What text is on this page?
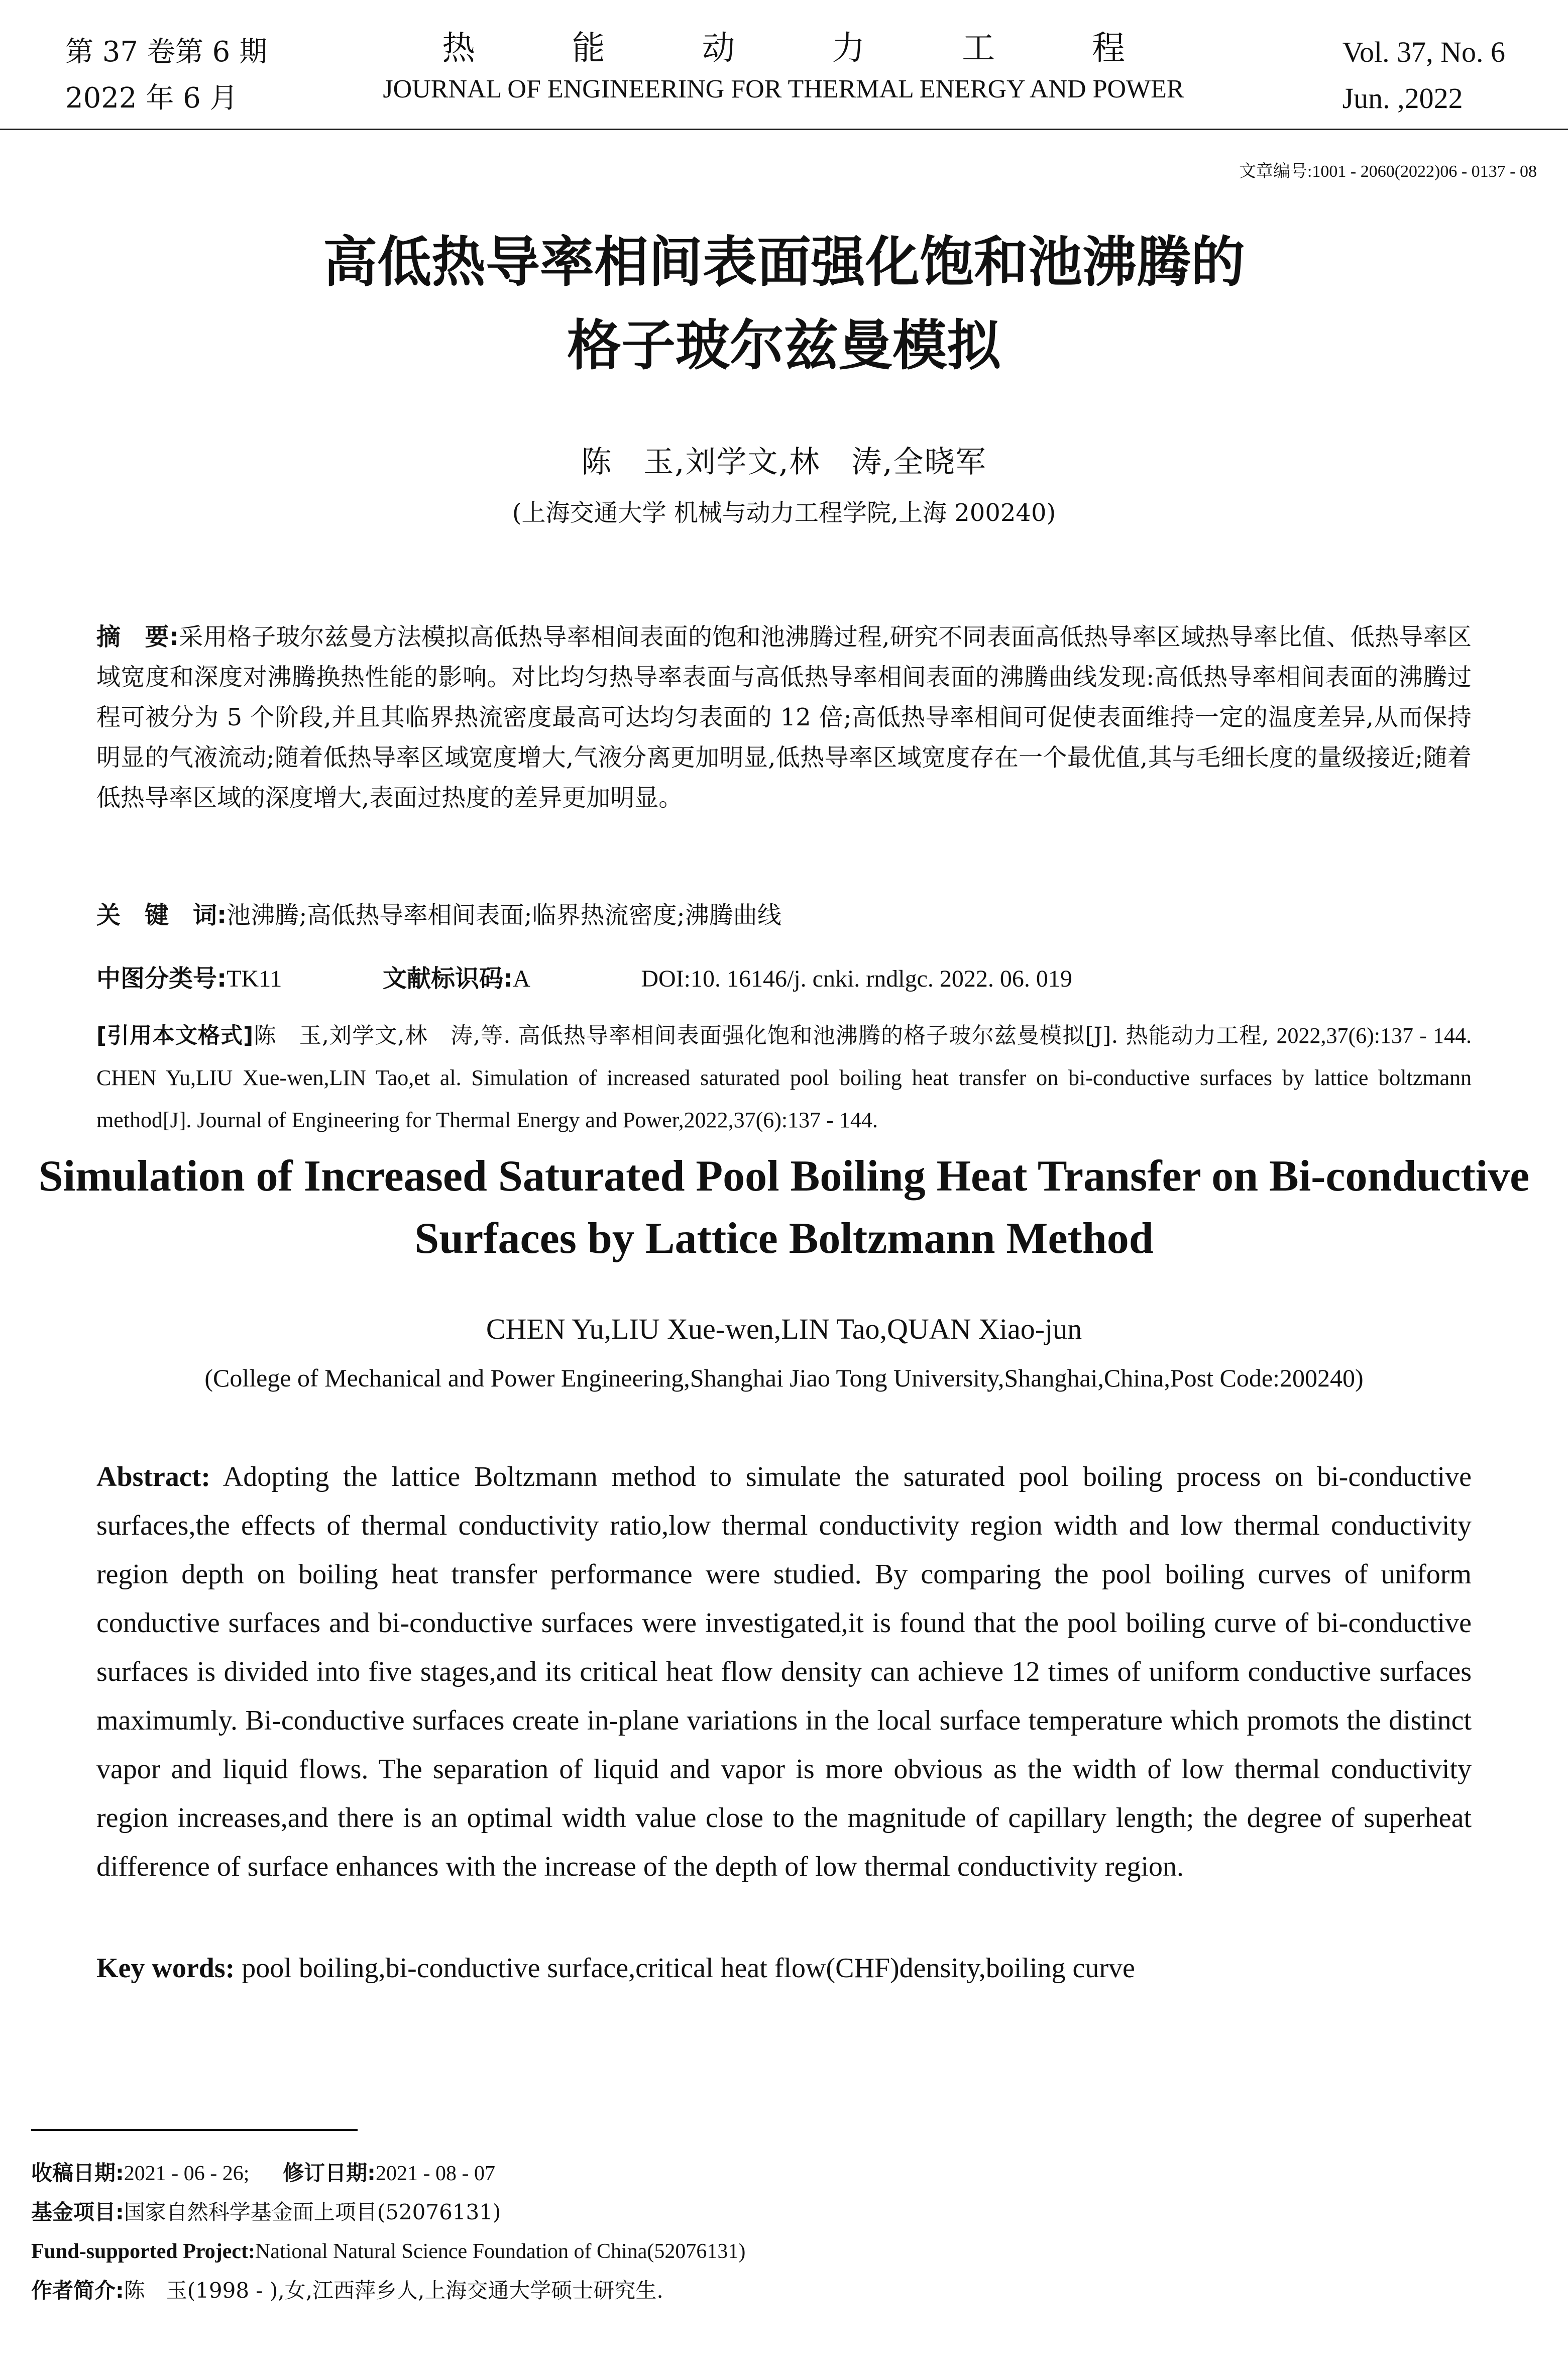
第 37 卷第 6 期
2022 年 6 月
热	能	动	力	工	程
JOURNAL OF ENGINEERING FOR THERMAL ENERGY AND POWER
Vol. 37, No. 6
Jun. ,2022
文章编号:1001 - 2060(2022)06 - 0137 - 08
高低热导率相间表面强化饱和池沸腾的
格子玻尔兹曼模拟
陈　玉,刘学文,林　涛,全晓军
(上海交通大学 机械与动力工程学院,上海 200240)
摘　要:采用格子玻尔兹曼方法模拟高低热导率相间表面的饱和池沸腾过程,研究不同表面高低热导率区域热导率比值、低热导率区域宽度和深度对沸腾换热性能的影响。对比均匀热导率表面与高低热导率相间表面的沸腾曲线发现:高低热导率相间表面的沸腾过程可被分为 5 个阶段,并且其临界热流密度最高可达均匀表面的 12 倍;高低热导率相间可促使表面维持一定的温度差异,从而保持明显的气液流动;随着低热导率区域宽度增大,气液分离更加明显,低热导率区域宽度存在一个最优值,其与毛细长度的量级接近;随着低热导率区域的深度增大,表面过热度的差异更加明显。
关　键　词:池沸腾;高低热导率相间表面;临界热流密度;沸腾曲线
中图分类号:TK11	文献标识码:A	DOI:10. 16146/j. cnki. rndlgc. 2022. 06. 019
[引用本文格式]陈　玉,刘学文,林　涛,等. 高低热导率相间表面强化饱和池沸腾的格子玻尔兹曼模拟[J]. 热能动力工程, 2022,37(6):137 - 144. CHEN Yu,LIU Xue-wen,LIN Tao,et al. Simulation of increased saturated pool boiling heat transfer on bi-conductive surfaces by lattice boltzmann method[J]. Journal of Engineering for Thermal Energy and Power,2022,37(6):137 - 144.
Simulation of Increased Saturated Pool Boiling Heat Transfer on Bi-conductive
Surfaces by Lattice Boltzmann Method
CHEN Yu,LIU Xue-wen,LIN Tao,QUAN Xiao-jun
(College of Mechanical and Power Engineering,Shanghai Jiao Tong University,Shanghai,China,Post Code:200240)
Abstract: Adopting the lattice Boltzmann method to simulate the saturated pool boiling process on bi-conductive surfaces,the effects of thermal conductivity ratio,low thermal conductivity region width and low thermal conductivity region depth on boiling heat transfer performance were studied. By comparing the pool boiling curves of uniform conductive surfaces and bi-conductive surfaces were investigated,it is found that the pool boiling curve of bi-conductive surfaces is divided into five stages,and its critical heat flow density can achieve 12 times of uniform conductive surfaces maximumly. Bi-conductive surfaces create in-plane variations in the local surface temperature which promots the distinct vapor and liquid flows. The separation of liquid and vapor is more obvious as the width of low thermal conductivity region increases,and there is an optimal width value close to the magnitude of capillary length; the degree of superheat difference of surface enhances with the increase of the depth of low thermal conductivity region.
Key words: pool boiling,bi-conductive surface,critical heat flow(CHF)density,boiling curve
收稿日期:2021 - 06 - 26; 修订日期:2021 - 08 - 07
基金项目:国家自然科学基金面上项目(52076131)
Fund-supported Project:National Natural Science Foundation of China(52076131)
作者简介:陈　玉(1998 - ),女,江西萍乡人,上海交通大学硕士研究生.
